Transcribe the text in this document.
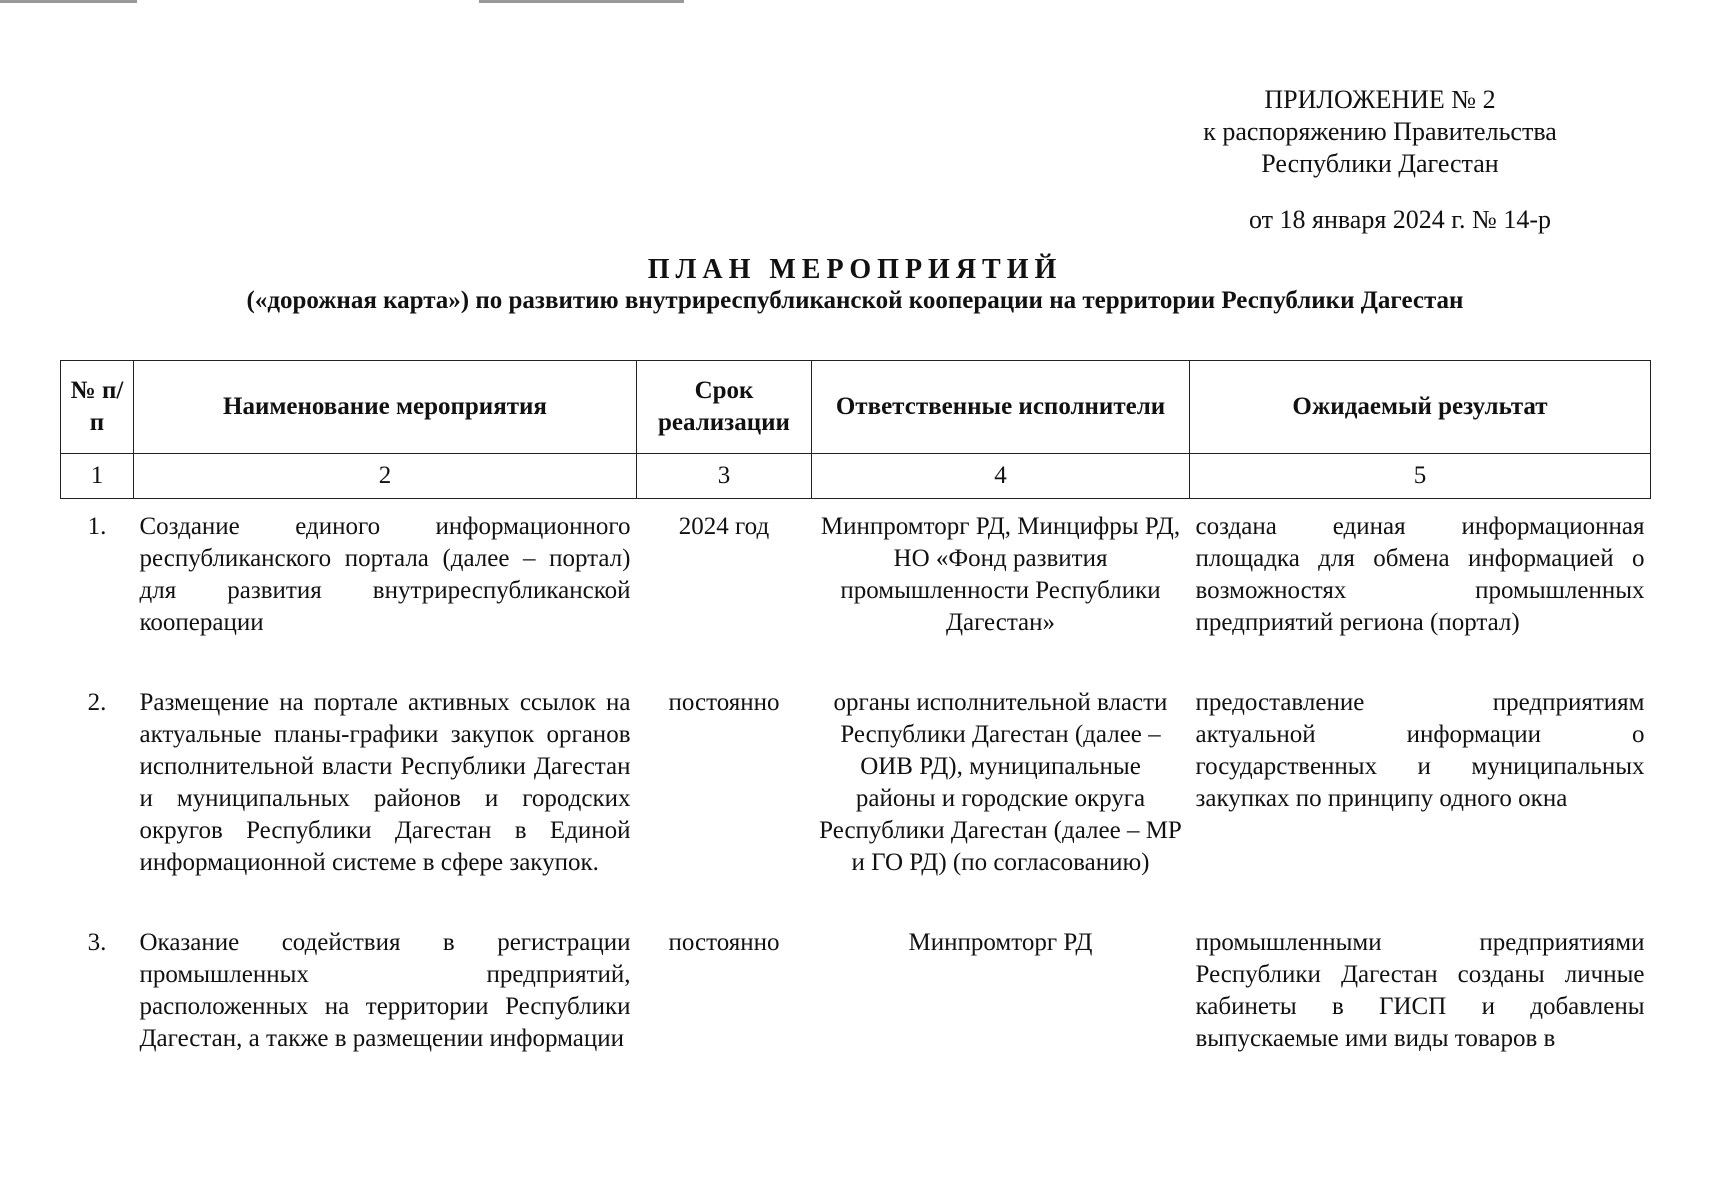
ПРИЛОЖЕНИЕ № 2
к распоряжению Правительства
Республики Дагестан
от 18 января 2024 г. № 14-р
ПЛАН МЕРОПРИЯТИЙ
(«дорожная карта») по развитию внутриреспубликанской кооперации на территории Республики Дагестан
№ п/п	Наименование мероприятия	Срок реализации	Ответственные исполнители	Ожидаемый результат
1	2	3	4	5
1.	Создание единого информационного республиканского портала (далее – портал) для развития внутриреспубликанской кооперации	2024 год	Минпромторг РД, Минцифры РД, НО «Фонд развития промышленности Республики Дагестан»	создана единая информационная площадка для обмена информацией о возможностях промышленных предприятий региона (портал)
2.	Размещение на портале активных ссылок на актуальные планы-графики закупок органов исполнительной власти Республики Дагестан и муниципальных районов и городских округов Республики Дагестан в Единой информационной системе в сфере закупок.	постоянно	органы исполнительной власти Республики Дагестан (далее – ОИВ РД), муниципальные районы и городские округа Республики Дагестан (далее – МР и ГО РД) (по согласованию)	предоставление предприятиям актуальной информации о государственных и муниципальных закупках по принципу одного окна
3.	Оказание содействия в регистрации промышленных предприятий, расположенных на территории Республики Дагестан, а также в размещении информации	постоянно	Минпромторг РД	промышленными предприятиями Республики Дагестан созданы личные кабинеты в ГИСП и добавлены выпускаемые ими виды товаров в
